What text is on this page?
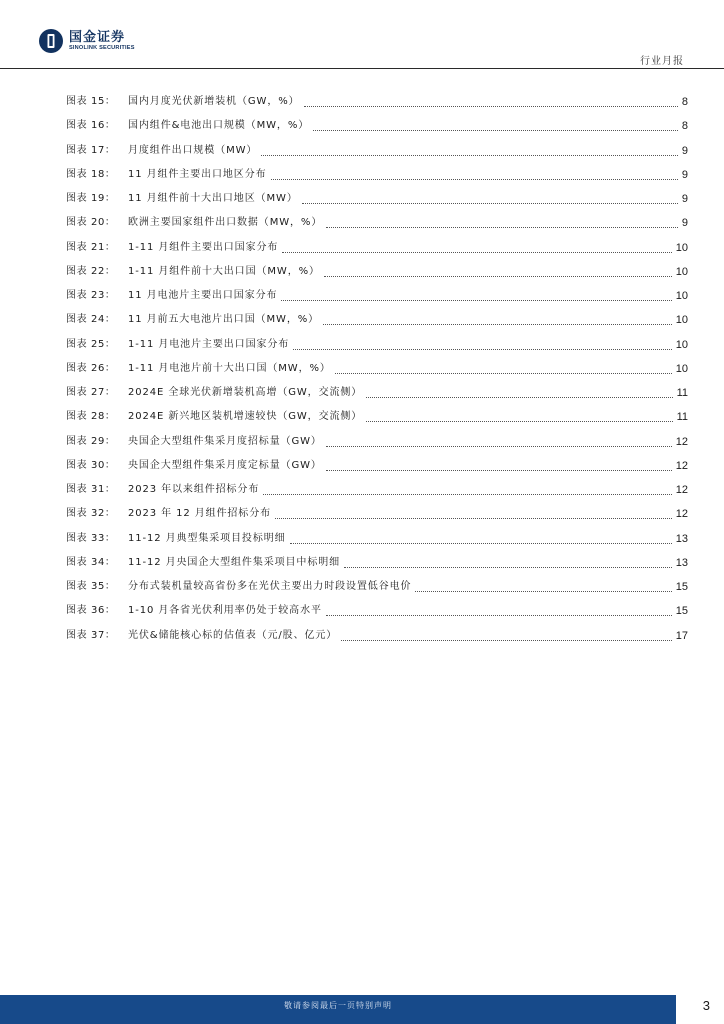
国金证券
SINOLINK SECURITIES
行业月报
图表 15：	国内月度光伏新增装机（GW，%）	8
图表 16：	国内组件&电池出口规模（MW，%）	8
图表 17：	月度组件出口规模（MW）	9
图表 18：	11 月组件主要出口地区分布	9
图表 19：	11 月组件前十大出口地区（MW）	9
图表 20：	欧洲主要国家组件出口数据（MW，%）	9
图表 21：	1-11 月组件主要出口国家分布	10
图表 22：	1-11 月组件前十大出口国（MW，%）	10
图表 23：	11 月电池片主要出口国家分布	10
图表 24：	11 月前五大电池片出口国（MW，%）	10
图表 25：	1-11 月电池片主要出口国家分布	10
图表 26：	1-11 月电池片前十大出口国（MW，%）	10
图表 27：	2024E 全球光伏新增装机高增（GW，交流侧）	11
图表 28：	2024E 新兴地区装机增速较快（GW，交流侧）	11
图表 29：	央国企大型组件集采月度招标量（GW）	12
图表 30：	央国企大型组件集采月度定标量（GW）	12
图表 31：	2023 年以来组件招标分布	12
图表 32：	2023 年 12 月组件招标分布	12
图表 33：	11-12 月典型集采项目投标明细	13
图表 34：	11-12 月央国企大型组件集采项目中标明细	13
图表 35：	分布式装机量较高省份多在光伏主要出力时段设置低谷电价	15
图表 36：	1-10 月各省光伏利用率仍处于较高水平	15
图表 37：	光伏&储能核心标的估值表（元/股、亿元）	17
敬请参阅最后一页特别声明	3
